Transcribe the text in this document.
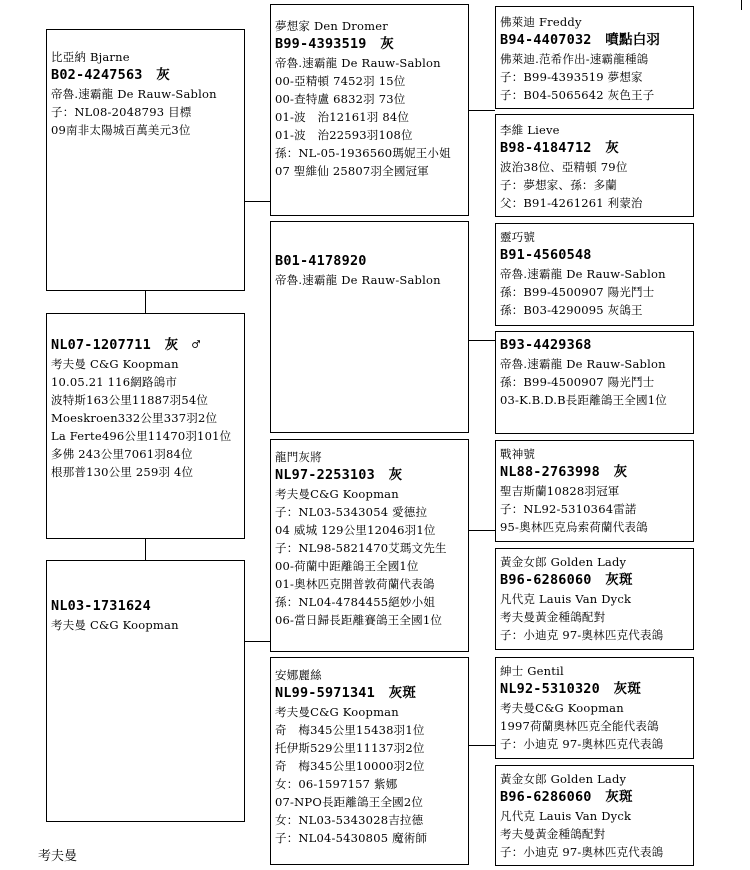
比亞納 Bjarne
B02-4247563　灰
帝魯.速霸龍 De Rauw-Sablon
子：NL08-2048793 目標
09南非太陽城百萬美元3位
NL07-1207711　灰　♂
考夫曼 C&G Koopman
10.05.21 116網路鴿市
波特斯163公里11887羽54位
Moeskroen332公里337羽2位
La Ferte496公里11470羽101位
多佛 243公里7061羽84位
根那普130公里 259羽 4位
NL03-1731624
考夫曼 C&G Koopman
夢想家 Den Dromer
B99-4393519　灰
帝魯.速霸龍 De Rauw-Sablon
00-亞精頓 7452羽 15位
00-查特盧 6832羽 73位
01-波　治12161羽 84位
01-波　治22593羽108位
孫：NL-05-1936560瑪妮王小姐
07 聖維仙 25807羽全國冠軍
B01-4178920
帝魯.速霸龍 De Rauw-Sablon
龍門灰將
NL97-2253103　灰
考夫曼C&G Koopman
子：NL03-5343054 愛德拉
04 威城 129公里12046羽1位
子：NL98-5821470艾瑪文先生
00-荷蘭中距離鴿王全國1位
01-奧林匹克開普敦荷蘭代表鴿
孫：NL04-4784455絕妙小姐
06-當日歸長距離賽鴿王全國1位
安娜麗絲
NL99-5971341　灰斑
考夫曼C&G Koopman
奇　梅345公里15438羽1位
托伊斯529公里11137羽2位
奇　梅345公里10000羽2位
女：06-1597157 紫娜
07-NPO長距離鴿王全國2位
女：NL03-5343028吉拉德
子：NL04-5430805 魔術師
佛萊迪 Freddy
B94-4407032　噴點白羽
佛萊迪.范希作出-速霸龍種鴿
子：B99-4393519 夢想家
子：B04-5065642 灰色王子
李維 Lieve
B98-4184712　灰
波治38位、亞精頓 79位
子：夢想家、孫：多蘭
父：B91-4261261 利蒙治
靈巧號
B91-4560548
帝魯.速霸龍 De Rauw-Sablon
孫：B99-4500907 陽光鬥士
孫：B03-4290095 灰鴿王
B93-4429368
帝魯.速霸龍 De Rauw-Sablon
孫：B99-4500907 陽光鬥士
03-K.B.D.B長距離鴿王全國1位
戰神號
NL88-2763998　灰
聖吉斯蘭10828羽冠軍
子：NL92-5310364雷諾
95-奧林匹克烏索荷蘭代表鴿
黃金女郎 Golden Lady
B96-6286060　灰斑
凡代克 Lauis Van Dyck
考夫曼黃金種鴿配對
子：小迪克 97-奧林匹克代表鴿
紳士 Gentil
NL92-5310320　灰斑
考夫曼C&G Koopman
1997荷蘭奧林匹克全能代表鴿
子：小迪克 97-奧林匹克代表鴿
黃金女郎 Golden Lady
B96-6286060　灰斑
凡代克 Lauis Van Dyck
考夫曼黃金種鴿配對
子：小迪克 97-奧林匹克代表鴿
考夫曼
